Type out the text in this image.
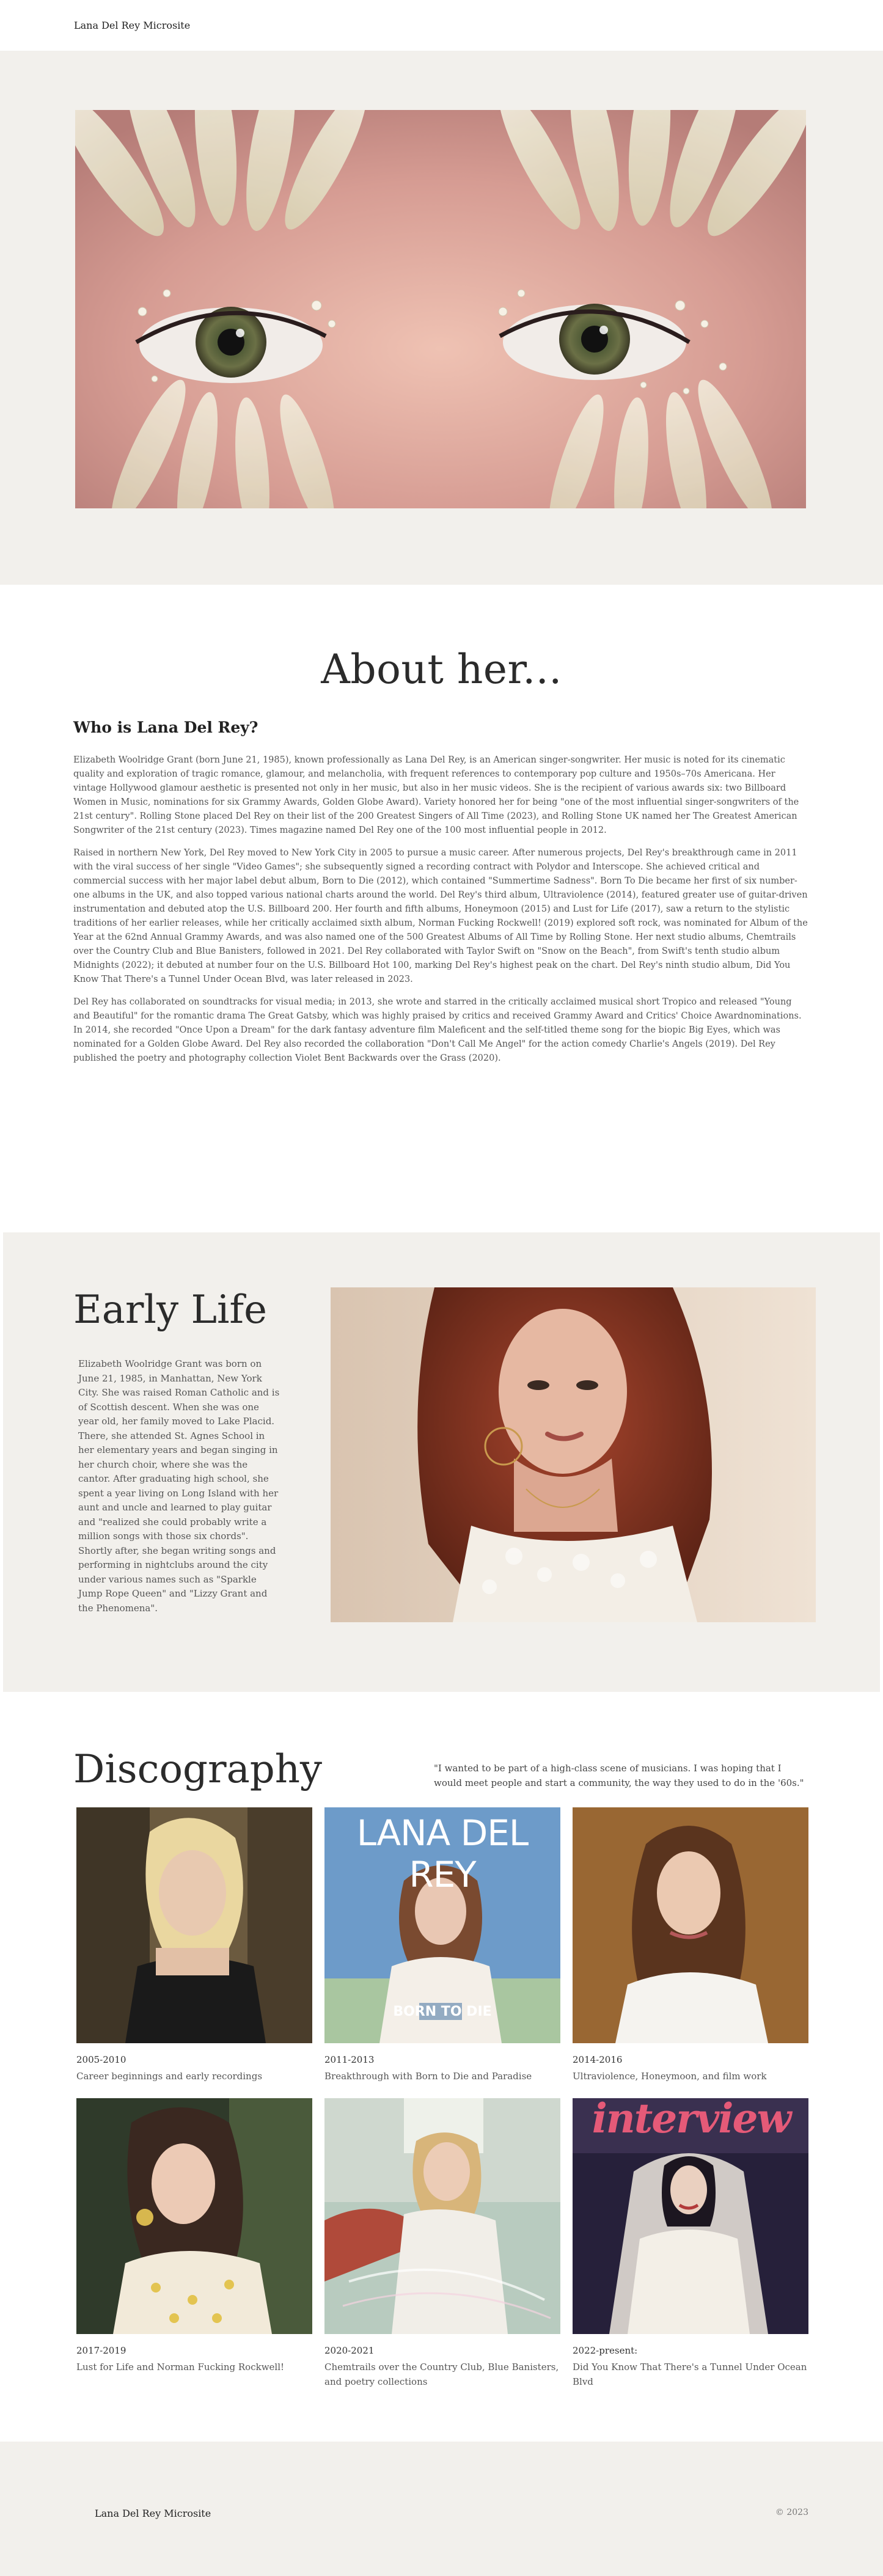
Lana Del Rey Microsite
About her...
Who is Lana Del Rey?

Elizabeth Woolridge Grant (born June 21, 1985), known professionally as Lana Del Rey, is an American singer-songwriter. Her music is noted for its cinematic quality and exploration of tragic romance, glamour, and melancholia, with frequent references to contemporary pop culture and 1950s–70s Americana. Her vintage Hollywood glamour aesthetic is presented not only in her music, but also in her music videos. She is the recipient of various awards six: two Billboard Women in Music, nominations for six Grammy Awards, Golden Globe Award). Variety honored her for being "one of the most influential singer-songwriters of the 21st century". Rolling Stone placed Del Rey on their list of the 200 Greatest Singers of All Time (2023), and Rolling Stone UK named her The Greatest American Songwriter of the 21st century (2023). Times magazine named Del Rey one of the 100 most influential people in 2012.

Raised in northern New York, Del Rey moved to New York City in 2005 to pursue a music career. After numerous projects, Del Rey's breakthrough came in 2011 with the viral success of her single "Video Games"; she subsequently signed a recording contract with Polydor and Interscope. She achieved critical and commercial success with her major label debut album, Born to Die (2012), which contained "Summertime Sadness". Born To Die became her first of six number-one albums in the UK, and also topped various national charts around the world. Del Rey's third album, Ultraviolence (2014), featured greater use of guitar-driven instrumentation and debuted atop the U.S. Billboard 200. Her fourth and fifth albums, Honeymoon (2015) and Lust for Life (2017), saw a return to the stylistic traditions of her earlier releases, while her critically acclaimed sixth album, Norman Fucking Rockwell! (2019) explored soft rock, was nominated for Album of the Year at the 62nd Annual Grammy Awards, and was also named one of the 500 Greatest Albums of All Time by Rolling Stone. Her next studio albums, Chemtrails over the Country Club and Blue Banisters, followed in 2021. Del Rey collaborated with Taylor Swift on "Snow on the Beach", from Swift's tenth studio album Midnights (2022); it debuted at number four on the U.S. Billboard Hot 100, marking Del Rey's highest peak on the chart. Del Rey's ninth studio album, Did You Know That There's a Tunnel Under Ocean Blvd, was later released in 2023.

Del Rey has collaborated on soundtracks for visual media; in 2013, she wrote and starred in the critically acclaimed musical short Tropico and released "Young and Beautiful" for the romantic drama The Great Gatsby, which was highly praised by critics and received Grammy Award and Critics' Choice Awardnominations. In 2014, she recorded "Once Upon a Dream" for the dark fantasy adventure film Maleficent and the self-titled theme song for the biopic Big Eyes, which was nominated for a Golden Globe Award. Del Rey also recorded the collaboration "Don't Call Me Angel" for the action comedy Charlie's Angels (2019). Del Rey published the poetry and photography collection Violet Bent Backwards over the Grass (2020).

Early Life

Elizabeth Woolridge Grant was born on June 21, 1985, in Manhattan, New York City. She was raised Roman Catholic and is of Scottish descent. When she was one year old, her family moved to Lake Placid. There, she attended St. Agnes School in her elementary years and began singing in her church choir, where she was the cantor. After graduating high school, she spent a year living on Long Island with her aunt and uncle and learned to play guitar and "realized she could probably write a million songs with those six chords". Shortly after, she began writing songs and performing in nightclubs around the city under various names such as "Sparkle Jump Rope Queen" and "Lizzy Grant and the Phenomena".

Discography	"I wanted to be part of a high-class scene of musicians. I was hoping that I would meet people and start a community, the way they used to do in the '60s."

2005-2010
Career beginnings and early recordings
LANA DEL REY
BORN TO DIE
2011-2013
Breakthrough with Born to Die and Paradise
2014-2016
Ultraviolence, Honeymoon, and film work
2017-2019
Lust for Life and Norman Fucking Rockwell!
2020-2021
Chemtrails over the Country Club, Blue Banisters, and poetry collections
interview
2022-present:
Did You Know That There's a Tunnel Under Ocean Blvd
Lana Del Rey Microsite	© 2023
